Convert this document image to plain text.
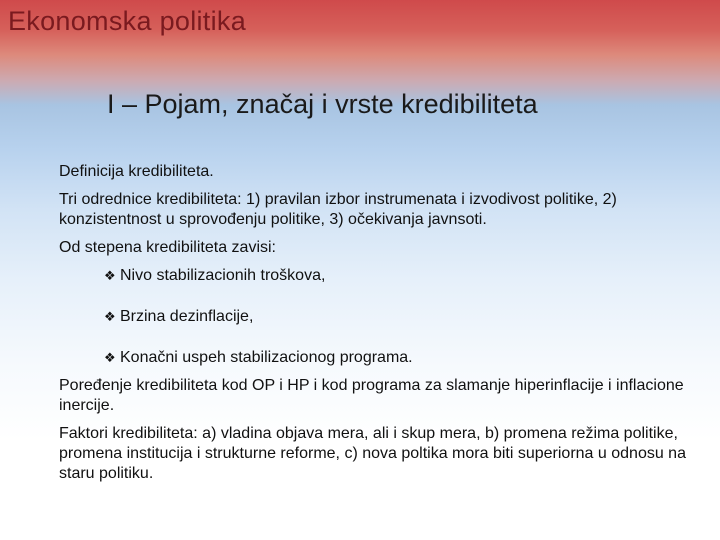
Ekonomska politika
I – Pojam, značaj i vrste kredibiliteta

Definicija kredibiliteta.

Tri odrednice kredibiliteta: 1) pravilan izbor instrumenata i izvodivost politike, 2) konzistentnost u sprovođenju politike, 3) očekivanja javnsoti.

Od stepena kredibiliteta zavisi:

❖ Nivo stabilizacionih troškova,
❖ Brzina dezinflacije,
❖ Konačni uspeh stabilizacionog programa.

Poređenje kredibiliteta kod OP i HP i kod programa za slamanje hiperinflacije i inflacione inercije.

Faktori kredibiliteta: a) vladina objava mera, ali i skup mera, b) promena režima politike, promena institucija i strukturne reforme, c) nova poltika mora biti superiorna u odnosu na staru politiku.
